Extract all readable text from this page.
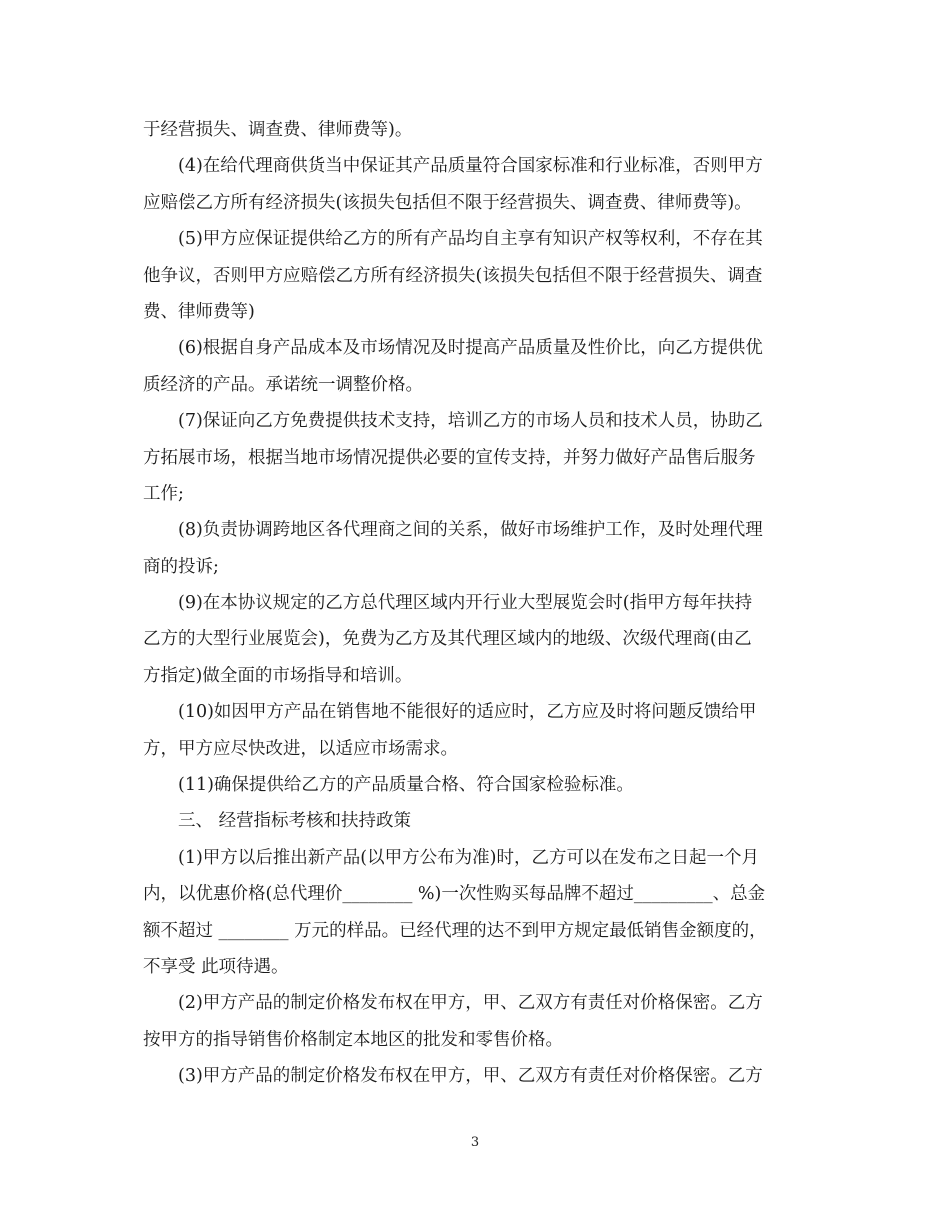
于经营损失、调查费、律师费等)。
(4)在给代理商供货当中保证其产品质量符合国家标准和行业标准，否则甲方
应赔偿乙方所有经济损失(该损失包括但不限于经营损失、调查费、律师费等)。
(5)甲方应保证提供给乙方的所有产品均自主享有知识产权等权利，不存在其
他争议，否则甲方应赔偿乙方所有经济损失(该损失包括但不限于经营损失、调查
费、律师费等)
(6)根据自身产品成本及市场情况及时提高产品质量及性价比，向乙方提供优
质经济的产品。承诺统一调整价格。
(7)保证向乙方免费提供技术支持，培训乙方的市场人员和技术人员，协助乙
方拓展市场，根据当地市场情况提供必要的宣传支持，并努力做好产品售后服务
工作;
(8)负责协调跨地区各代理商之间的关系，做好市场维护工作，及时处理代理
商的投诉;
(9)在本协议规定的乙方总代理区域内开行业大型展览会时(指甲方每年扶持
乙方的大型行业展览会)，免费为乙方及其代理区域内的地级、次级代理商(由乙
方指定)做全面的市场指导和培训。
(10)如因甲方产品在销售地不能很好的适应时，乙方应及时将问题反馈给甲
方，甲方应尽快改进，以适应市场需求。
(11)确保提供给乙方的产品质量合格、符合国家检验标准。
三、 经营指标考核和扶持政策
(1)甲方以后推出新产品(以甲方公布为准)时，乙方可以在发布之日起一个月
内，以优惠价格(总代理价________ %)一次性购买每品牌不超过_________、总金
额不超过 ________ 万元的样品。已经代理的达不到甲方规定最低销售金额度的，
不享受 此项待遇。
(2)甲方产品的制定价格发布权在甲方，甲、乙双方有责任对价格保密。乙方
按甲方的指导销售价格制定本地区的批发和零售价格。
(3)甲方产品的制定价格发布权在甲方，甲、乙双方有责任对价格保密。乙方
3
